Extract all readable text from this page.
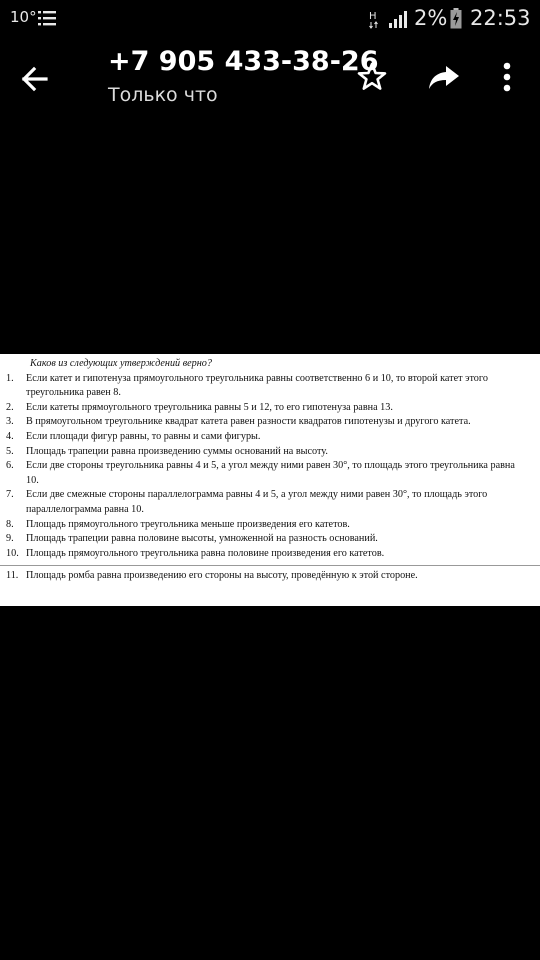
10°	H 2% 22:53
+7 905 433-38-26
Только что
Каков из следующих утверждений верно?
1.	Если катет и гипотенуза прямоугольного треугольника равны соответственно 6 и 10, то второй катет этого треугольника равен 8.
2.	Если катеты прямоугольного треугольника равны 5 и 12, то его гипотенуза равна 13.
3.	В прямоугольном треугольнике квадрат катета равен разности квадратов гипотенузы и другого катета.
4.	Если площади фигур равны, то равны и сами фигуры.
5.	Площадь трапеции равна произведению суммы оснований на высоту.
6.	Если две стороны треугольника равны 4 и 5, а угол между ними равен 30°, то площадь этого треугольника равна 10.
7.	Если две смежные стороны параллелограмма равны 4 и 5, а угол между ними равен 30°, то площадь этого параллелограмма равна 10.
8.	Площадь прямоугольного треугольника меньше произведения его катетов.
9.	Площадь трапеции равна половине высоты, умноженной на разность оснований.
10. Площадь прямоугольного треугольника равна половине произведения его катетов.
11. Площадь ромба равна произведению его стороны на высоту, проведённую к этой стороне.
